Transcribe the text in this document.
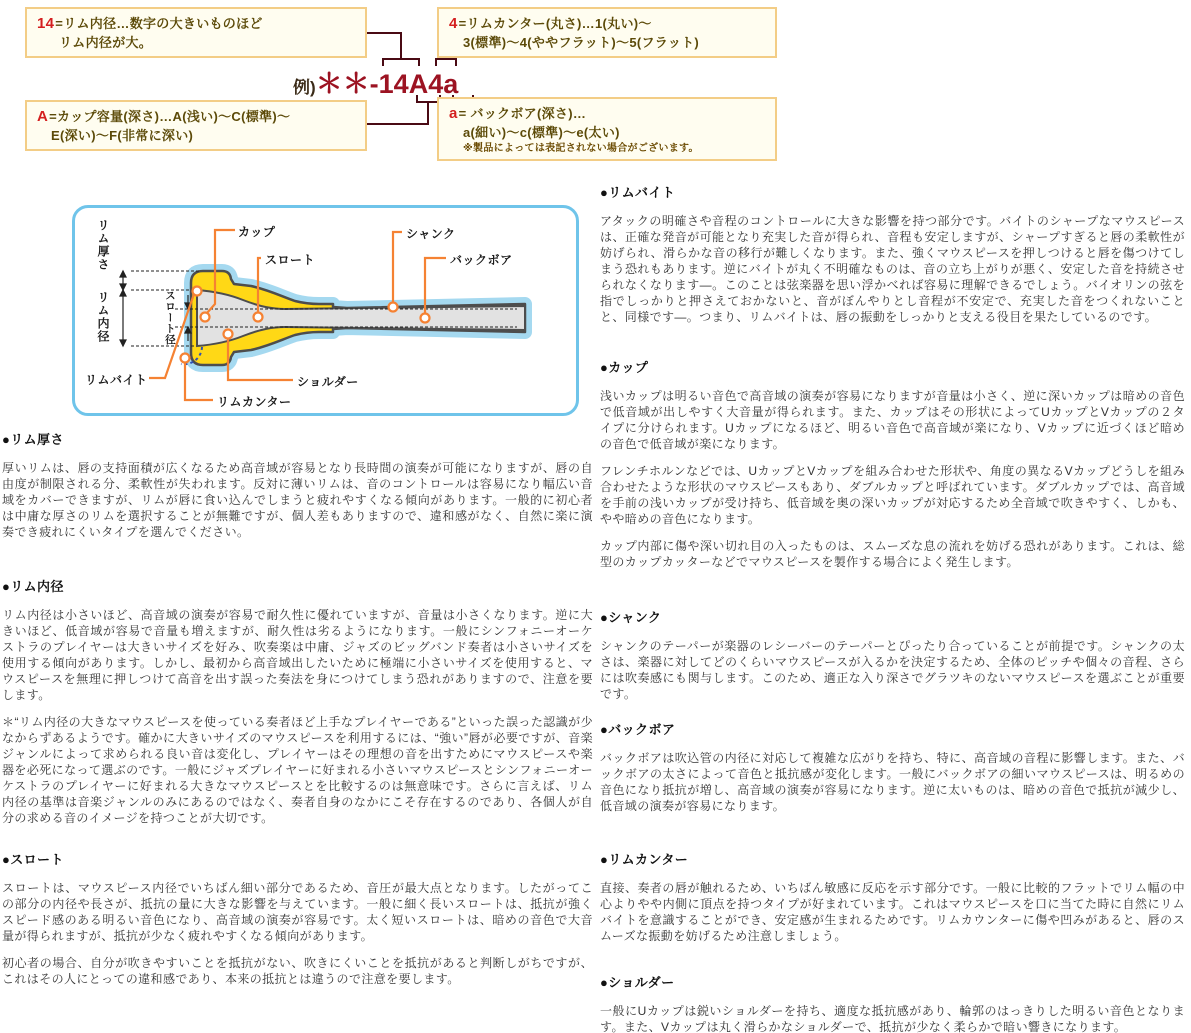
14=リム内径…数字の大きいものほど
リム内径が大。
4=リムカンター(丸さ)…1(丸い)～
3(標準)～4(ややフラット)～5(フラット)
A=カップ容量(深さ)…A(浅い)～C(標準)～
E(深い)～F(非常に深い)
a= バックボア(深さ)…
a(細い)～c(標準)～e(太い)
※製品によっては表記されない場合がございます。
例) ＊＊-14A4a
カップ
スロート
シャンク
バックボア
リムバイト	ショルダー
リムカンター
リム厚さ
リム内径	スロート径
●リム厚さ

厚いリムは、唇の支持面積が広くなるため高音域が容易となり長時間の演奏が可能になりますが、唇の自由度が制限される分、柔軟性が失われます。反対に薄いリムは、音のコントロールは容易になり幅広い音域をカバーできますが、リムが唇に食い込んでしまうと疲れやすくなる傾向があります。一般的に初心者は中庸な厚さのリムを選択することが無難ですが、個人差もありますので、違和感がなく、自然に楽に演奏でき疲れにくいタイプを選んでください。

●リム内径

リム内径は小さいほど、高音域の演奏が容易で耐久性に優れていますが、音量は小さくなります。逆に大きいほど、低音域が容易で音量も増えますが、耐久性は劣るようになります。一般にシンフォニーオーケストラのプレイヤーは大きいサイズを好み、吹奏楽は中庸、ジャズのビッグバンド奏者は小さいサイズを使用する傾向があります。しかし、最初から高音域出したいために極端に小さいサイズを使用すると、マウスピースを無理に押しつけて高音を出す誤った奏法を身につけてしまう恐れがありますので、注意を要します。

＊“リム内径の大きなマウスピースを使っている奏者ほど上手なプレイヤーである”といった誤った認識が少なからずあるようです。確かに大きいサイズのマウスピースを利用するには、“強い”唇が必要ですが、音楽ジャンルによって求められる良い音は変化し、プレイヤーはその理想の音を出すためにマウスピースや楽器を必死になって選ぶのです。一般にジャズプレイヤーに好まれる小さいマウスピースとシンフォニーオーケストラのプレイヤーに好まれる大きなマウスピースとを比較するのは無意味です。さらに言えば、リム内径の基準は音楽ジャンルのみにあるのではなく、奏者自身のなかにこそ存在するのであり、各個人が自分の求める音のイメージを持つことが大切です。

●スロート

スロートは、マウスピース内径でいちばん細い部分であるため、音圧が最大点となります。したがってこの部分の内径や長さが、抵抗の量に大きな影響を与えています。一般に細く長いスロートは、抵抗が強くスピード感のある明るい音色になり、高音域の演奏が容易です。太く短いスロートは、暗めの音色で大音量が得られますが、抵抗が少なく疲れやすくなる傾向があります。

初心者の場合、自分が吹きやすいことを抵抗がない、吹きにくいことを抵抗があると判断しがちですが、これはその人にとっての違和感であり、本来の抵抗とは違うので注意を要します。

●リムバイト

アタックの明確さや音程のコントロールに大きな影響を持つ部分です。バイトのシャープなマウスピースは、正確な発音が可能となり充実した音が得られ、音程も安定しますが、シャープすぎると唇の柔軟性が妨げられ、滑らかな音の移行が難しくなります。また、強くマウスピースを押しつけると唇を傷つけてしまう恐れもあります。逆にバイトが丸く不明確なものは、音の立ち上がりが悪く、安定した音を持続させられなくなります―。このことは弦楽器を思い浮かべれば容易に理解できるでしょう。バイオリンの弦を指でしっかりと押さえておかないと、音がぼんやりとし音程が不安定で、充実した音をつくれないことと、同様です―。つまり、リムバイトは、唇の振動をしっかりと支える役目を果たしているのです。

●カップ

浅いカップは明るい音色で高音域の演奏が容易になりますが音量は小さく、逆に深いカップは暗めの音色で低音域が出しやすく大音量が得られます。また、カップはその形状によってUカップとVカップの２タイプに分けられます。Uカップになるほど、明るい音色で高音域が楽になり、Vカップに近づくほど暗めの音色で低音域が楽になります。

フレンチホルンなどでは、UカップとVカップを組み合わせた形状や、角度の異なるVカップどうしを組み合わせたような形状のマウスピースもあり、ダブルカップと呼ばれています。ダブルカップでは、高音域を手前の浅いカップが受け持ち、低音域を奥の深いカップが対応するため全音域で吹きやすく、しかも、やや暗めの音色になります。

カップ内部に傷や深い切れ目の入ったものは、スムーズな息の流れを妨げる恐れがあります。これは、総型のカップカッターなどでマウスピースを製作する場合によく発生します。

●シャンク

シャンクのテーパーが楽器のレシーバーのテーパーとぴったり合っていることが前提です。シャンクの太さは、楽器に対してどのくらいマウスピースが入るかを決定するため、全体のピッチや個々の音程、さらには吹奏感にも関与します。このため、適正な入り深さでグラツキのないマウスピースを選ぶことが重要です。

●バックボア

バックボアは吹込管の内径に対応して複雑な広がりを持ち、特に、高音域の音程に影響します。また、バックボアの太さによって音色と抵抗感が変化します。一般にバックボアの細いマウスピースは、明るめの音色になり抵抗が増し、高音域の演奏が容易になります。逆に太いものは、暗めの音色で抵抗が減少し、低音域の演奏が容易になります。

●リムカンター

直接、奏者の唇が触れるため、いちばん敏感に反応を示す部分です。一般に比較的フラットでリム幅の中心よりやや内側に頂点を持つタイプが好まれています。これはマウスピースを口に当てた時に自然にリムバイトを意識することができ、安定感が生まれるためです。リムカウンターに傷や凹みがあると、唇のスムーズな振動を妨げるため注意しましょう。

●ショルダー

一般にUカップは鋭いショルダーを持ち、適度な抵抗感があり、輪郭のはっきりした明るい音色となります。また、Vカップは丸く滑らかなショルダーで、抵抗が少なく柔らかで暗い響きになります。
